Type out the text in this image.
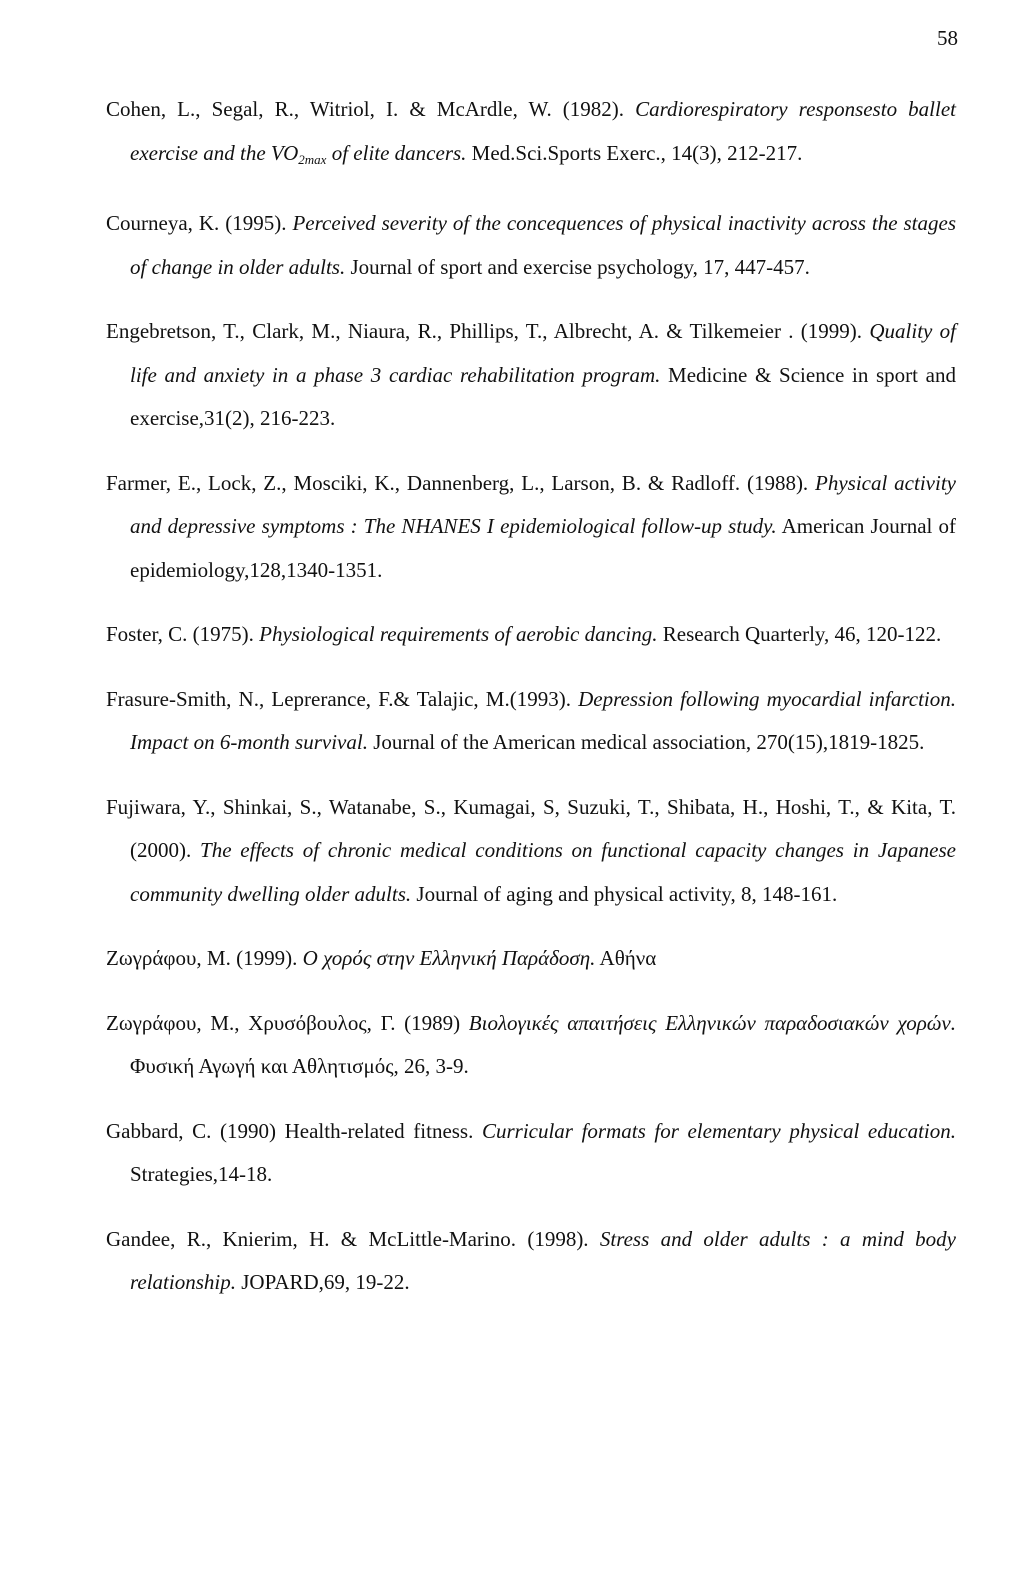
58

Cohen, L., Segal, R., Witriol, I. & McArdle, W. (1982). Cardiorespiratory responsesto ballet exercise and the $VO_{2max}$ of elite dancers. Med.Sci.Sports Exerc., 14(3), 212-217.

Courneya, K. (1995). Perceived severity of the concequences of physical inactivity across the stages of change in older adults. Journal of sport and exercise psychology, 17, 447-457.

Engebretson, T., Clark, M., Niaura, R., Phillips, T., Albrecht, A. & Tilkemeier . (1999). Quality of life and anxiety in a phase 3 cardiac rehabilitation program. Medicine & Science in sport and exercise,31(2), 216-223.

Farmer, E., Lock, Z., Mosciki, K., Dannenberg, L., Larson, B. & Radloff. (1988). Physical activity and depressive symptoms : The NHANES I epidemiological follow-up study. American Journal of epidemiology,128,1340-1351.

Foster, C. (1975). Physiological requirements of aerobic dancing. Research Quarterly, 46, 120-122.

Frasure-Smith, N., Leprerance, F.& Talajic, M.(1993). Depression following myocardial infarction. Impact on 6-month survival. Journal of the American medical association, 270(15),1819-1825.

Fujiwara, Y., Shinkai, S., Watanabe, S., Kumagai, S, Suzuki, T., Shibata, H., Hoshi, T., & Kita, T. (2000). The effects of chronic medical conditions on functional capacity changes in Japanese community dwelling older adults. Journal of aging and physical activity, 8, 148-161.

Ζωγράφου, Μ. (1999). Ο χορός στην Ελληνική Παράδοση. Αθήνα

Ζωγράφου, Μ., Χρυσόβουλος, Γ. (1989) Βιολογικές απαιτήσεις Ελληνικών παραδοσιακών χορών. Φυσική Αγωγή και Αθλητισμός, 26, 3-9.

Gabbard, C. (1990) Health-related fitness. Curricular formats for elementary physical education. Strategies,14-18.

Gandee, R., Knierim, H. & McLittle-Marino. (1998). Stress and older adults : a mind body relationship. JOPARD,69, 19-22.
